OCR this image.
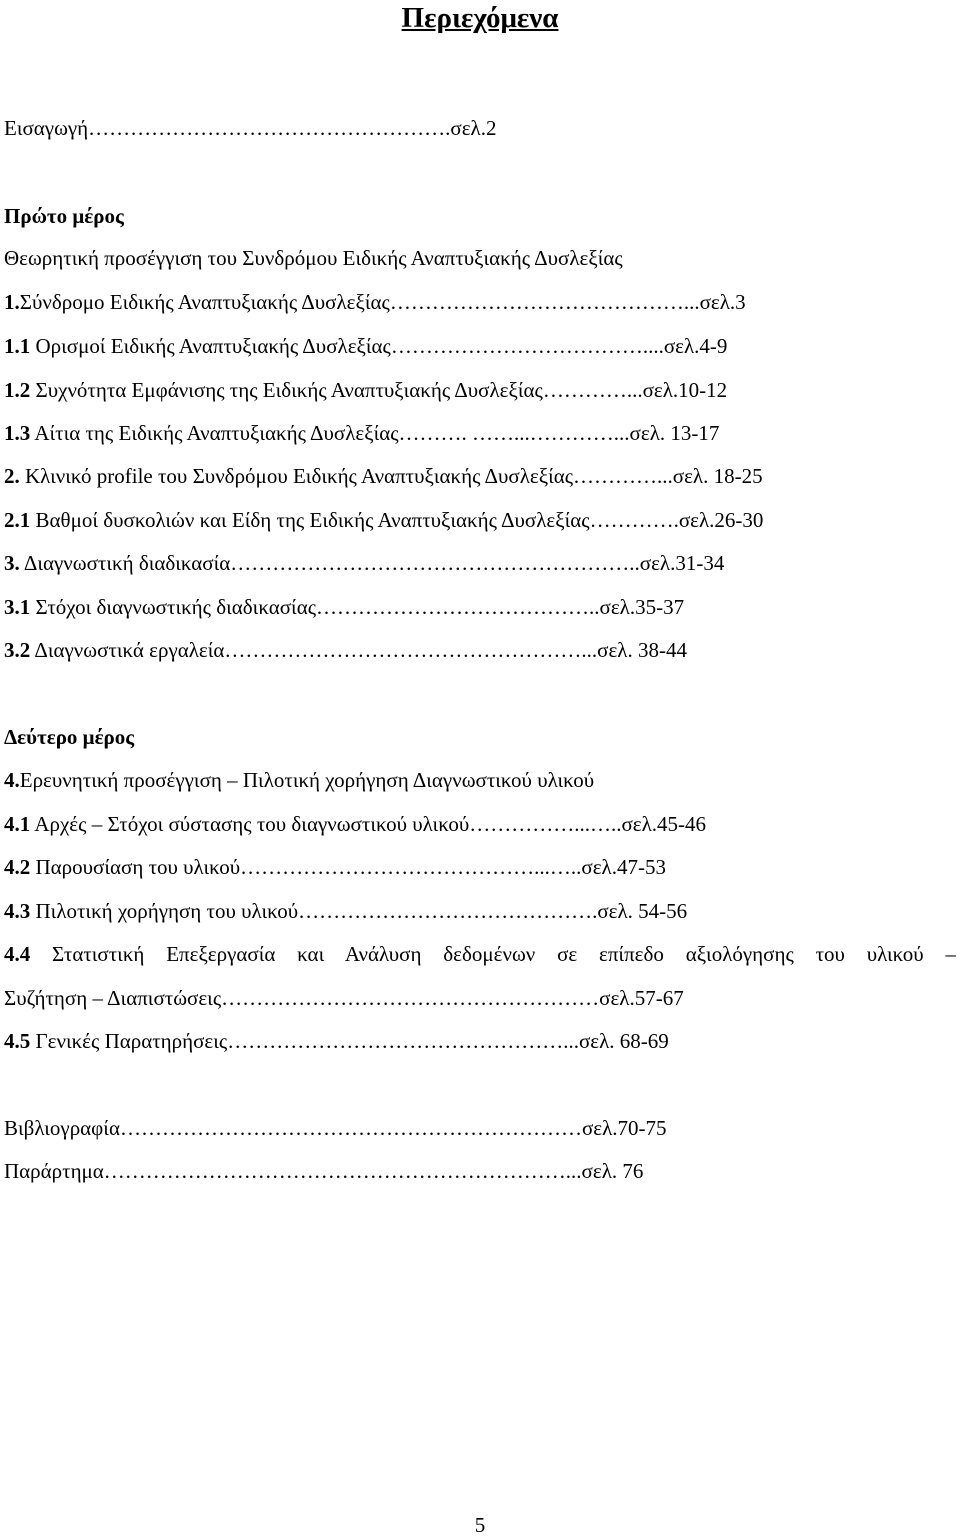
Περιεχόμενα
Εισαγωγή…………………………………………….σελ.2
Πρώτο μέρος
Θεωρητική προσέγγιση του Συνδρόμου Ειδικής Αναπτυξιακής Δυσλεξίας
1.Σύνδρομο Ειδικής Αναπτυξιακής Δυσλεξίας……………………………………...σελ.3
1.1 Ορισμοί Ειδικής Αναπτυξιακής Δυσλεξίας………………………………....σελ.4-9
1.2 Συχνότητα Εμφάνισης της Ειδικής Αναπτυξιακής Δυσλεξίας…………...σελ.10-12
1.3 Αίτια της Ειδικής Αναπτυξιακής Δυσλεξίας………. ……...…………...σελ. 13-17
2. Κλινικό profile του Συνδρόμου Ειδικής Αναπτυξιακής Δυσλεξίας…………...σελ. 18-25
2.1 Βαθμοί δυσκολιών και Είδη της Ειδικής Αναπτυξιακής Δυσλεξίας………….σελ.26-30
3. Διαγνωστική διαδικασία…………………………………………………..σελ.31-34
3.1 Στόχοι διαγνωστικής διαδικασίας…………………………………..σελ.35-37
3.2 Διαγνωστικά εργαλεία……………………………………………...σελ. 38-44
Δεύτερο μέρος
4.Ερευνητική προσέγγιση – Πιλοτική χορήγηση Διαγνωστικού υλικού
4.1 Αρχές – Στόχοι σύστασης του διαγνωστικού υλικού……………...…..σελ.45-46
4.2 Παρουσίαση του υλικού……………………………………...…..σελ.47-53
4.3 Πιλοτική χορήγηση του υλικού…………………………………….σελ. 54-56
4.4 Στατιστική Επεξεργασία και Ανάλυση δεδομένων σε επίπεδο αξιολόγησης του υλικού –
Συζήτηση – Διαπιστώσεις………………………………………………σελ.57-67
4.5 Γενικές Παρατηρήσεις…………………………………………...σελ. 68-69
Βιβλιογραφία…………………………………………………………σελ.70-75
Παράρτημα…………………………………………………………...σελ. 76
5
